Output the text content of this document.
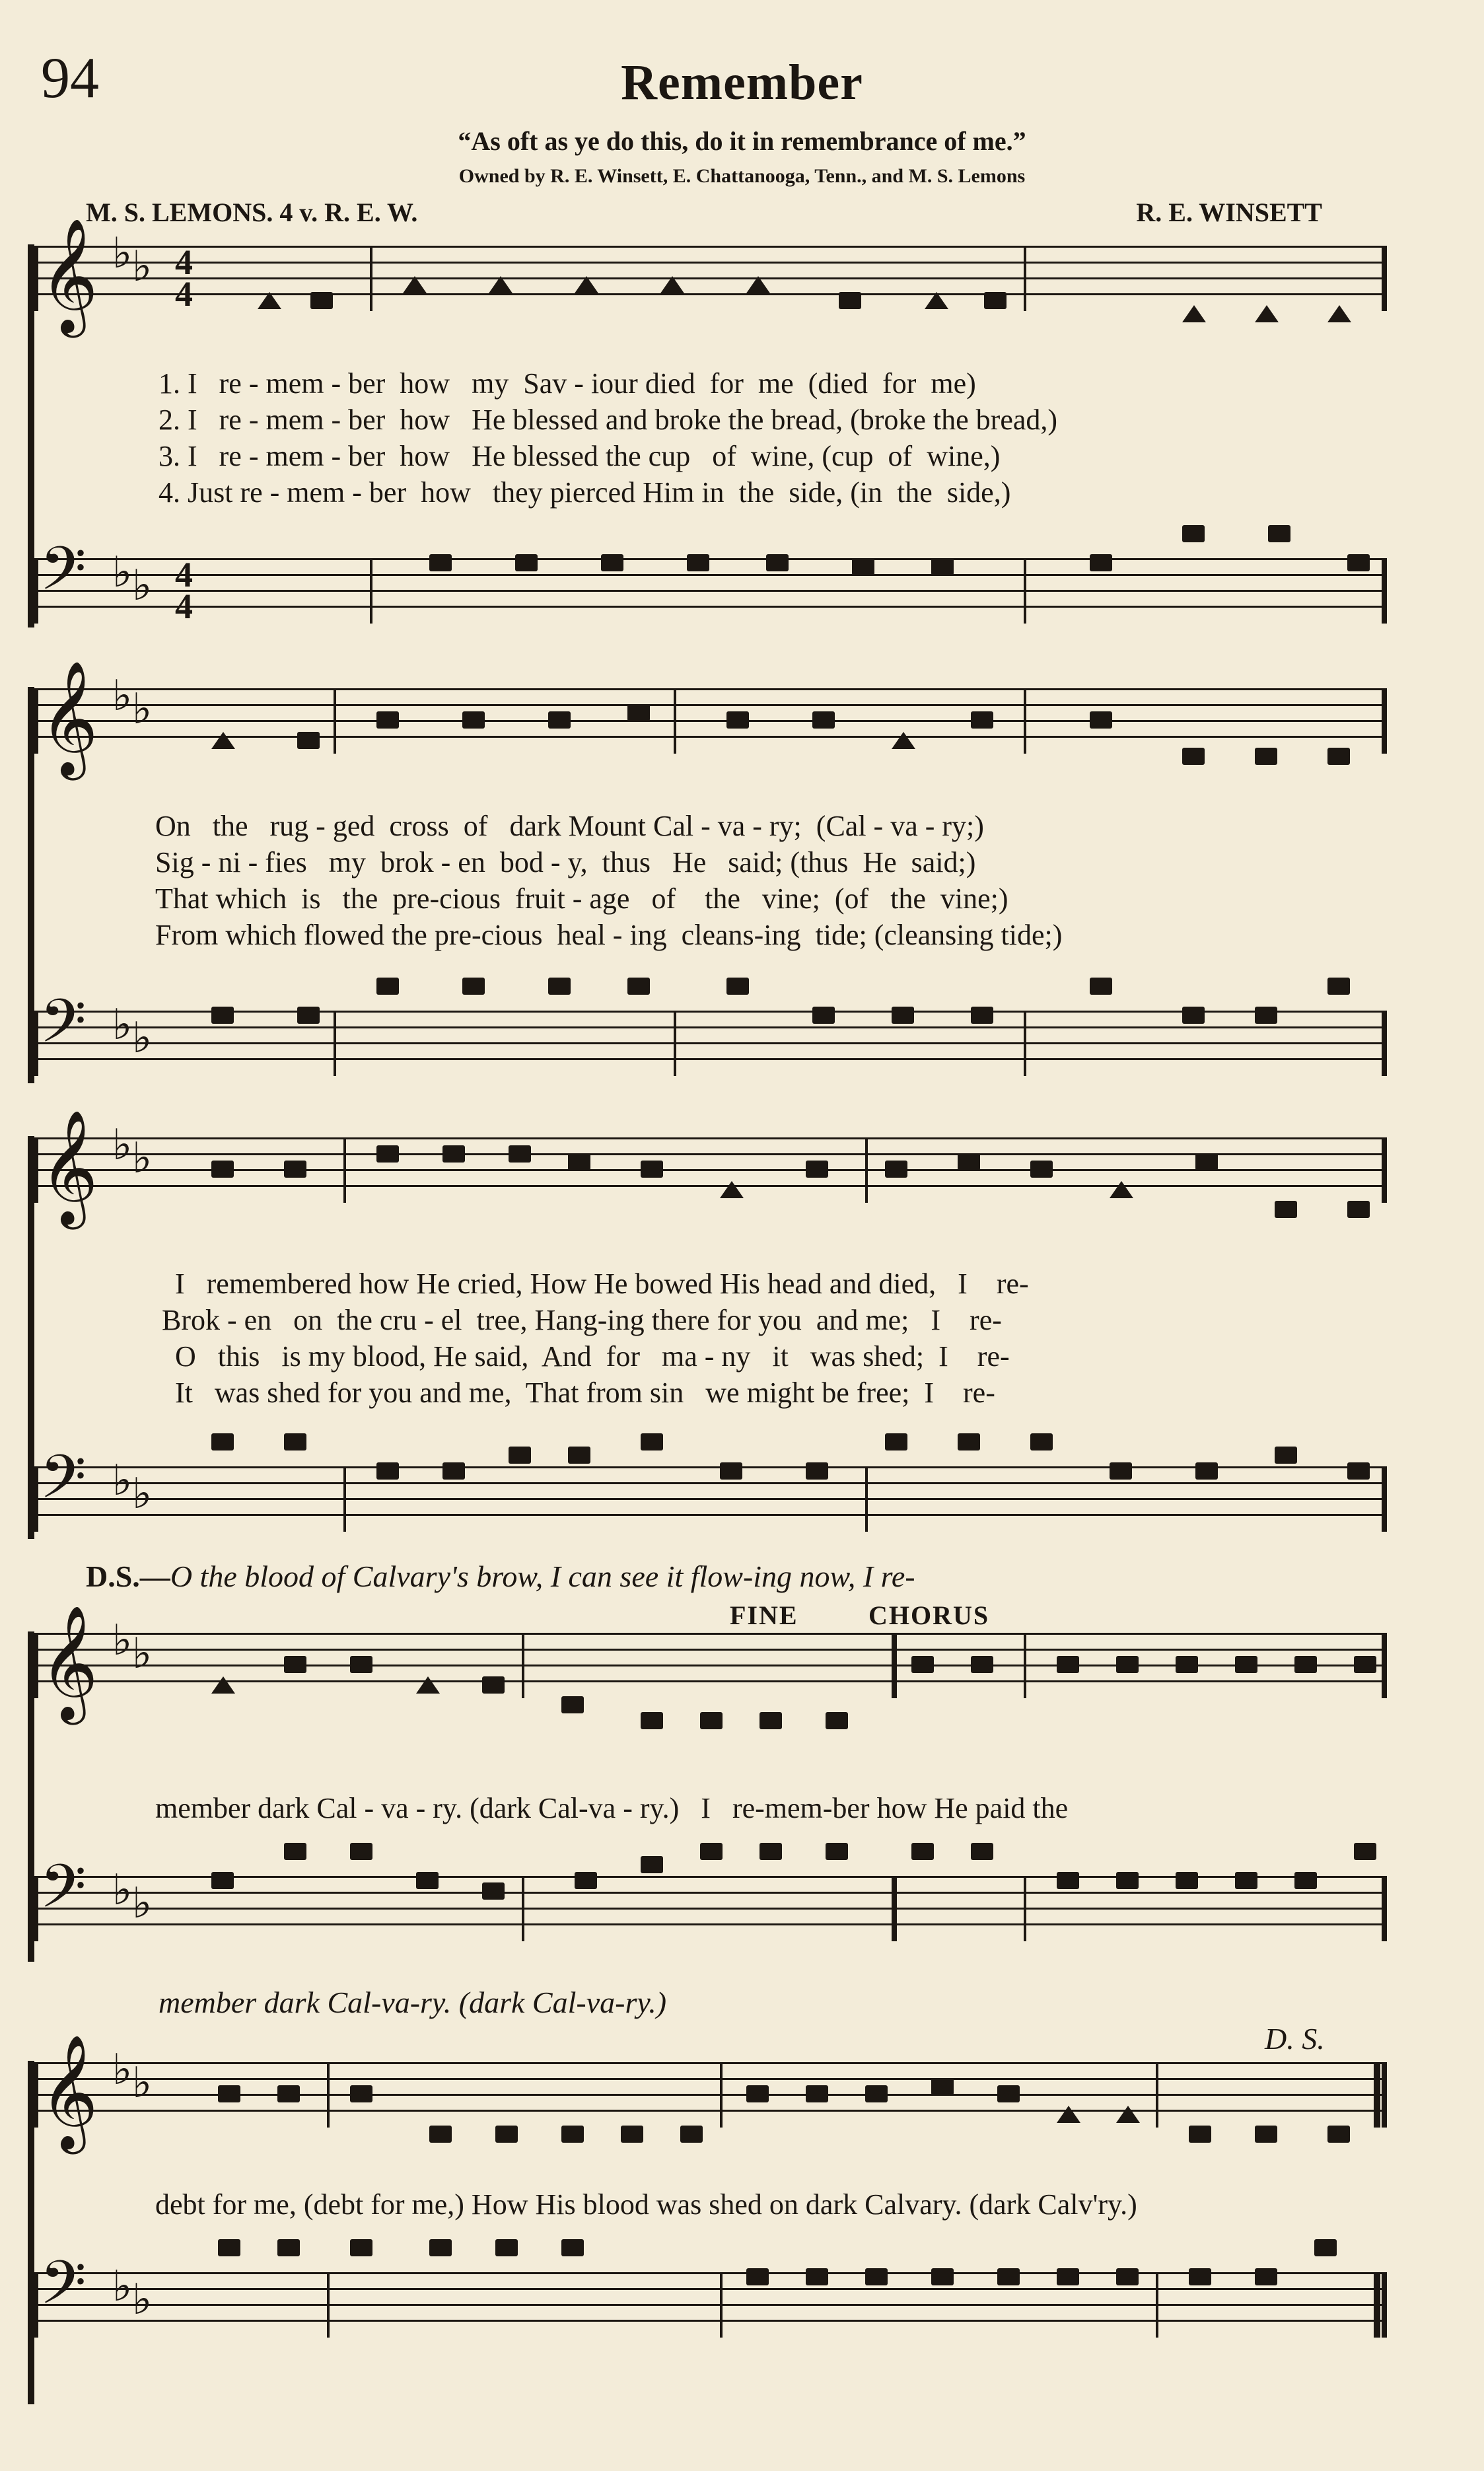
94	Remember
“As oft as ye do this, do it in remembrance of me.”
Owned by R. E. Winsett, E. Chattanooga, Tenn., and M. S. Lemons
M. S. LEMONS. 4 v. R. E. W.	R. E. WINSETT
𝄞 ♭ ♭ 4
4
1. I   re - mem - ber  how   my  Sav - iour died  for  me  (died  for  me)
2. I   re - mem - ber  how   He blessed and broke the bread, (broke the bread,)
3. I   re - mem - ber  how   He blessed the cup   of  wine, (cup  of  wine,)
4. Just re - mem - ber  how   they pierced Him in  the  side, (in  the  side,)
𝄢 ♭ ♭ 4
4
𝄞 ♭ ♭
On   the   rug - ged  cross  of   dark Mount Cal - va - ry;  (Cal - va - ry;)
Sig - ni - fies   my  brok - en  bod - y,  thus   He   said; (thus  He  said;)
That which  is   the  pre-cious  fruit - age   of    the   vine;  (of   the  vine;)
From which flowed the pre-cious  heal - ing  cleans-ing  tide; (cleansing tide;)
𝄢 ♭ ♭
𝄞 ♭ ♭
I   remembered how He cried, How He bowed His head and died,   I    re-
Brok - en   on  the cru - el  tree, Hang-ing there for you  and me;   I    re-
O   this   is my blood, He said,  And  for   ma - ny   it   was shed;  I    re-
It   was shed for you and me,  That from sin   we might be free;  I    re-
𝄢 ♭ ♭
D.S.—O the blood of Calvary's brow, I can see it flow-ing now, I re-
FINE	CHORUS
𝄞 ♭ ♭
member dark Cal - va - ry. (dark Cal-va - ry.)   I   re-mem-ber how He paid the
𝄢 ♭ ♭
member dark Cal-va-ry. (dark Cal-va-ry.)
D. S.
𝄞 ♭ ♭
debt for me, (debt for me,) How His blood was shed on dark Calvary. (dark Calv'ry.)
𝄢 ♭ ♭
